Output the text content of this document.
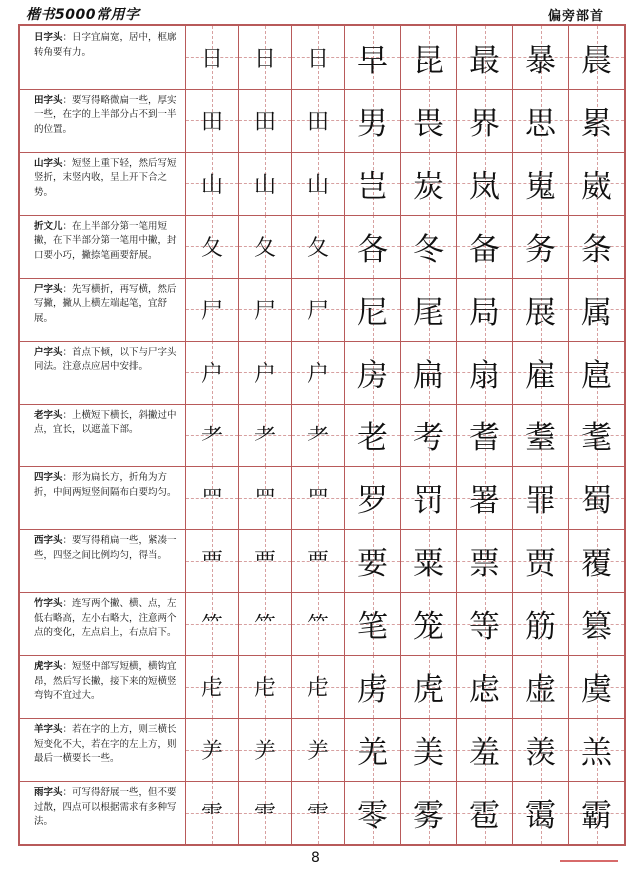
楷书5000常用字	偏旁部首
日字头：日字宜扁宽，居中，框廓转角要有力。	日 日 日 早 昆 最 暴 晨
田字头：要写得略微扁一些，厚实一些，在字的上半部分占不到一半的位置。	田 田 田 男 畏 界 思 累
山字头：短竖上重下轻，然后写短竖折，末竖内收，呈上开下合之势。	山 山 山 岂 炭 岚 嵬 崴
折文儿：在上半部分第一笔用短撇，在下半部分第一笔用中撇，封口要小巧，撇捺笔画要舒展。	夂 夂 夂 各 冬 备 务 条
尸字头：先写横折，再写横，然后写撇，撇从上横左端起笔，宜舒展。	尸 尸 尸 尼 尾 局 展 属
户字头：首点下倾，以下与尸字头同法。注意点应居中安排。	户 户 户 房 扁 扇 雇 扈
老字头：上横短下横长，斜撇过中点，宜长，以遮盖下部。	耂 耂 耂 老 考 耆 耋 耄
四字头：形为扁长方，折角为方折，中间两短竖间隔布白要均匀。	罒 罒 罒 罗 罚 署 罪 蜀
西字头：要写得稍扁一些，紧凑一些，四竖之间比例均匀，得当。	覀 覀 覀 要 粟 票 贾 覆
竹字头：连写两个撇、横、点，左低右略高，左小右略大，注意两个点的变化，左点启上，右点启下。	⺮ ⺮ ⺮ 笔 笼 等 筋 篡
虎字头：短竖中部写短横，横钩宜昂，然后写长撇，接下来的短横竖弯钩不宜过大。	虍 虍 虍 虏 虎 虑 虚 虞
羊字头：若在字的上方，则三横长短变化不大，若在字的左上方，则最后一横要长一些。	⺶ ⺶ ⺶ 羌 美 羞 羡 羔
雨字头：可写得舒展一些，但不要过散，四点可以根据需求有多种写法。	⻗ ⻗ ⻗ 零 雾 雹 霭 霸
8
